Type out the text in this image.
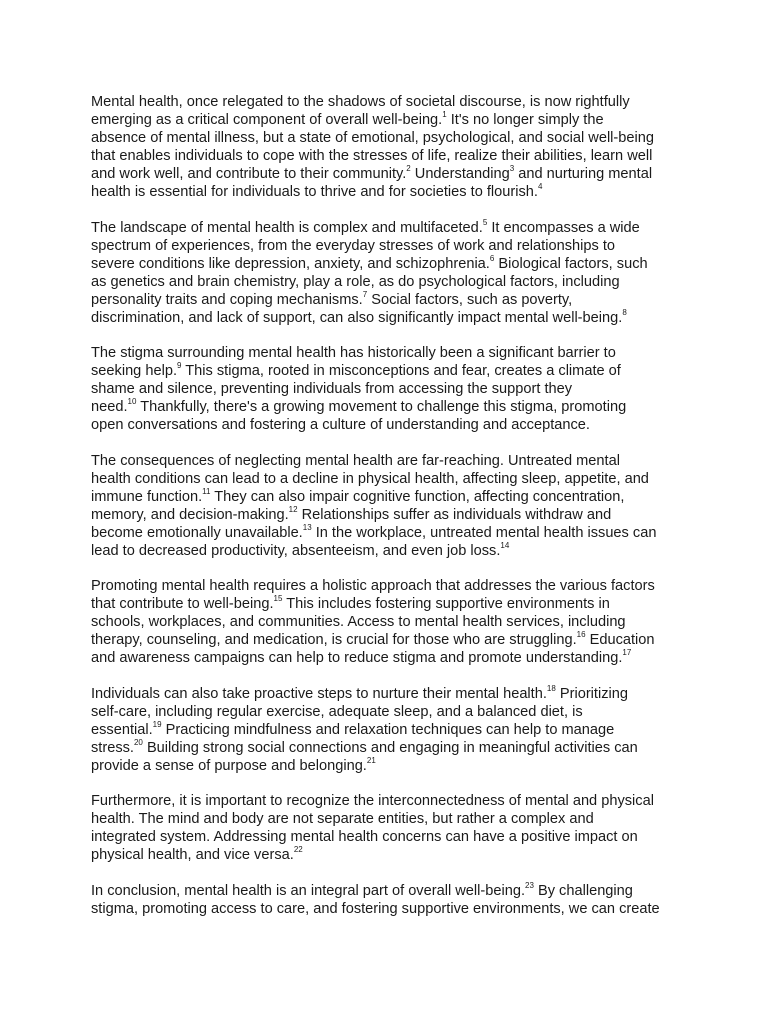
Mental health, once relegated to the shadows of societal discourse, is now rightfully
emerging as a critical component of overall well-being.$^1$ It's no longer simply the
absence of mental illness, but a state of emotional, psychological, and social well-being
that enables individuals to cope with the stresses of life, realize their abilities, learn well
and work well, and contribute to their community.$^2$ Understanding$^3$ and nurturing mental
health is essential for individuals to thrive and for societies to flourish.$^4$

The landscape of mental health is complex and multifaceted.$^5$ It encompasses a wide
spectrum of experiences, from the everyday stresses of work and relationships to
severe conditions like depression, anxiety, and schizophrenia.$^6$ Biological factors, such
as genetics and brain chemistry, play a role, as do psychological factors, including
personality traits and coping mechanisms.$^7$ Social factors, such as poverty,
discrimination, and lack of support, can also significantly impact mental well-being.$^8$

The stigma surrounding mental health has historically been a significant barrier to
seeking help.$^9$ This stigma, rooted in misconceptions and fear, creates a climate of
shame and silence, preventing individuals from accessing the support they
need.$^{10}$ Thankfully, there's a growing movement to challenge this stigma, promoting
open conversations and fostering a culture of understanding and acceptance.

The consequences of neglecting mental health are far-reaching. Untreated mental
health conditions can lead to a decline in physical health, affecting sleep, appetite, and
immune function.$^{11}$ They can also impair cognitive function, affecting concentration,
memory, and decision-making.$^{12}$ Relationships suffer as individuals withdraw and
become emotionally unavailable.$^{13}$ In the workplace, untreated mental health issues can
lead to decreased productivity, absenteeism, and even job loss.$^{14}$

Promoting mental health requires a holistic approach that addresses the various factors
that contribute to well-being.$^{15}$ This includes fostering supportive environments in
schools, workplaces, and communities. Access to mental health services, including
therapy, counseling, and medication, is crucial for those who are struggling.$^{16}$ Education
and awareness campaigns can help to reduce stigma and promote understanding.$^{17}$

Individuals can also take proactive steps to nurture their mental health.$^{18}$ Prioritizing
self-care, including regular exercise, adequate sleep, and a balanced diet, is
essential.$^{19}$ Practicing mindfulness and relaxation techniques can help to manage
stress.$^{20}$ Building strong social connections and engaging in meaningful activities can
provide a sense of purpose and belonging.$^{21}$

Furthermore, it is important to recognize the interconnectedness of mental and physical
health. The mind and body are not separate entities, but rather a complex and
integrated system. Addressing mental health concerns can have a positive impact on
physical health, and vice versa.$^{22}$

In conclusion, mental health is an integral part of overall well-being.$^{23}$ By challenging
stigma, promoting access to care, and fostering supportive environments, we can create
